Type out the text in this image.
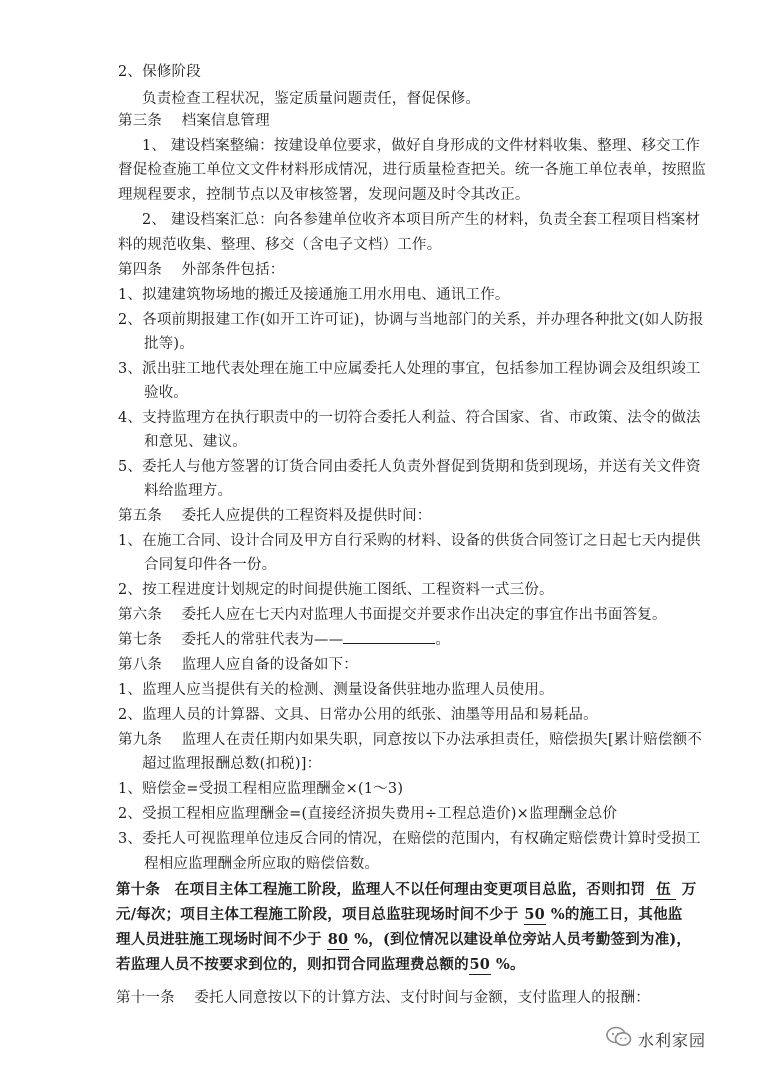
2、保修阶段
负责检查工程状况，鉴定质量问题责任，督促保修。
第三条　 档案信息管理
1、 建设档案整编：按建设单位要求，做好自身形成的文件材料收集、整理、移交工作
督促检查施工单位文文件材料形成情况，进行质量检查把关。统一各施工单位表单，按照监
理规程要求，控制节点以及审核签署，发现问题及时令其改正。
2、 建设档案汇总：向各参建单位收齐本项目所产生的材料，负责全套工程项目档案材
料的规范收集、整理、移交（含电子文档）工作。
第四条　 外部条件包括：
1、拟建建筑物场地的搬迁及接通施工用水用电、通讯工作。
2、各项前期报建工作(如开工许可证)，协调与当地部门的关系，并办理各种批文(如人防报
批等)。
3、派出驻工地代表处理在施工中应属委托人处理的事宜，包括参加工程协调会及组织竣工
验收。
4、支持监理方在执行职责中的一切符合委托人利益、符合国家、省、市政策、法令的做法
和意见、建议。
5、委托人与他方签署的订货合同由委托人负责外督促到货期和货到现场，并送有关文件资
料给监理方。
第五条　 委托人应提供的工程资料及提供时间：
1、在施工合同、设计合同及甲方自行采购的材料、设备的供货合同签订之日起七天内提供
合同复印件各一份。
2、按工程进度计划规定的时间提供施工图纸、工程资料一式三份。
第六条　 委托人应在七天内对监理人书面提交并要求作出决定的事宜作出书面答复。
第七条　 委托人的常驻代表为——	。
第八条　 监理人应自备的设备如下：
1、监理人应当提供有关的检测、测量设备供驻地办监理人员使用。
2、监理人员的计算器、文具、日常办公用的纸张、油墨等用品和易耗品。
第九条　 监理人在责任期内如果失职，同意按以下办法承担责任，赔偿损失[累计赔偿额不
超过监理报酬总数(扣税)]：
1、赔偿金=受损工程相应监理酬金×(1～3)
2、受损工程相应监理酬金=(直接经济损失费用÷工程总造价)×监理酬金总价
3、委托人可视监理单位违反合同的情况，在赔偿的范围内，有权确定赔偿费计算时受损工
程相应监理酬金所应取的赔偿倍数。
第十条　在项目主体工程施工阶段，监理人不以任何理由变更项目总监，否则扣罚 伍 万
元/每次；项目主体工程施工阶段，项目总监驻现场时间不少于 50 %的施工日，其他监
理人员进驻施工现场时间不少于 80 %，(到位情况以建设单位旁站人员考勤签到为准)，
若监理人员不按要求到位的，则扣罚合同监理费总额的50 %。
第十一条　 委托人同意按以下的计算方法、支付时间与金额，支付监理人的报酬：
水利家园
